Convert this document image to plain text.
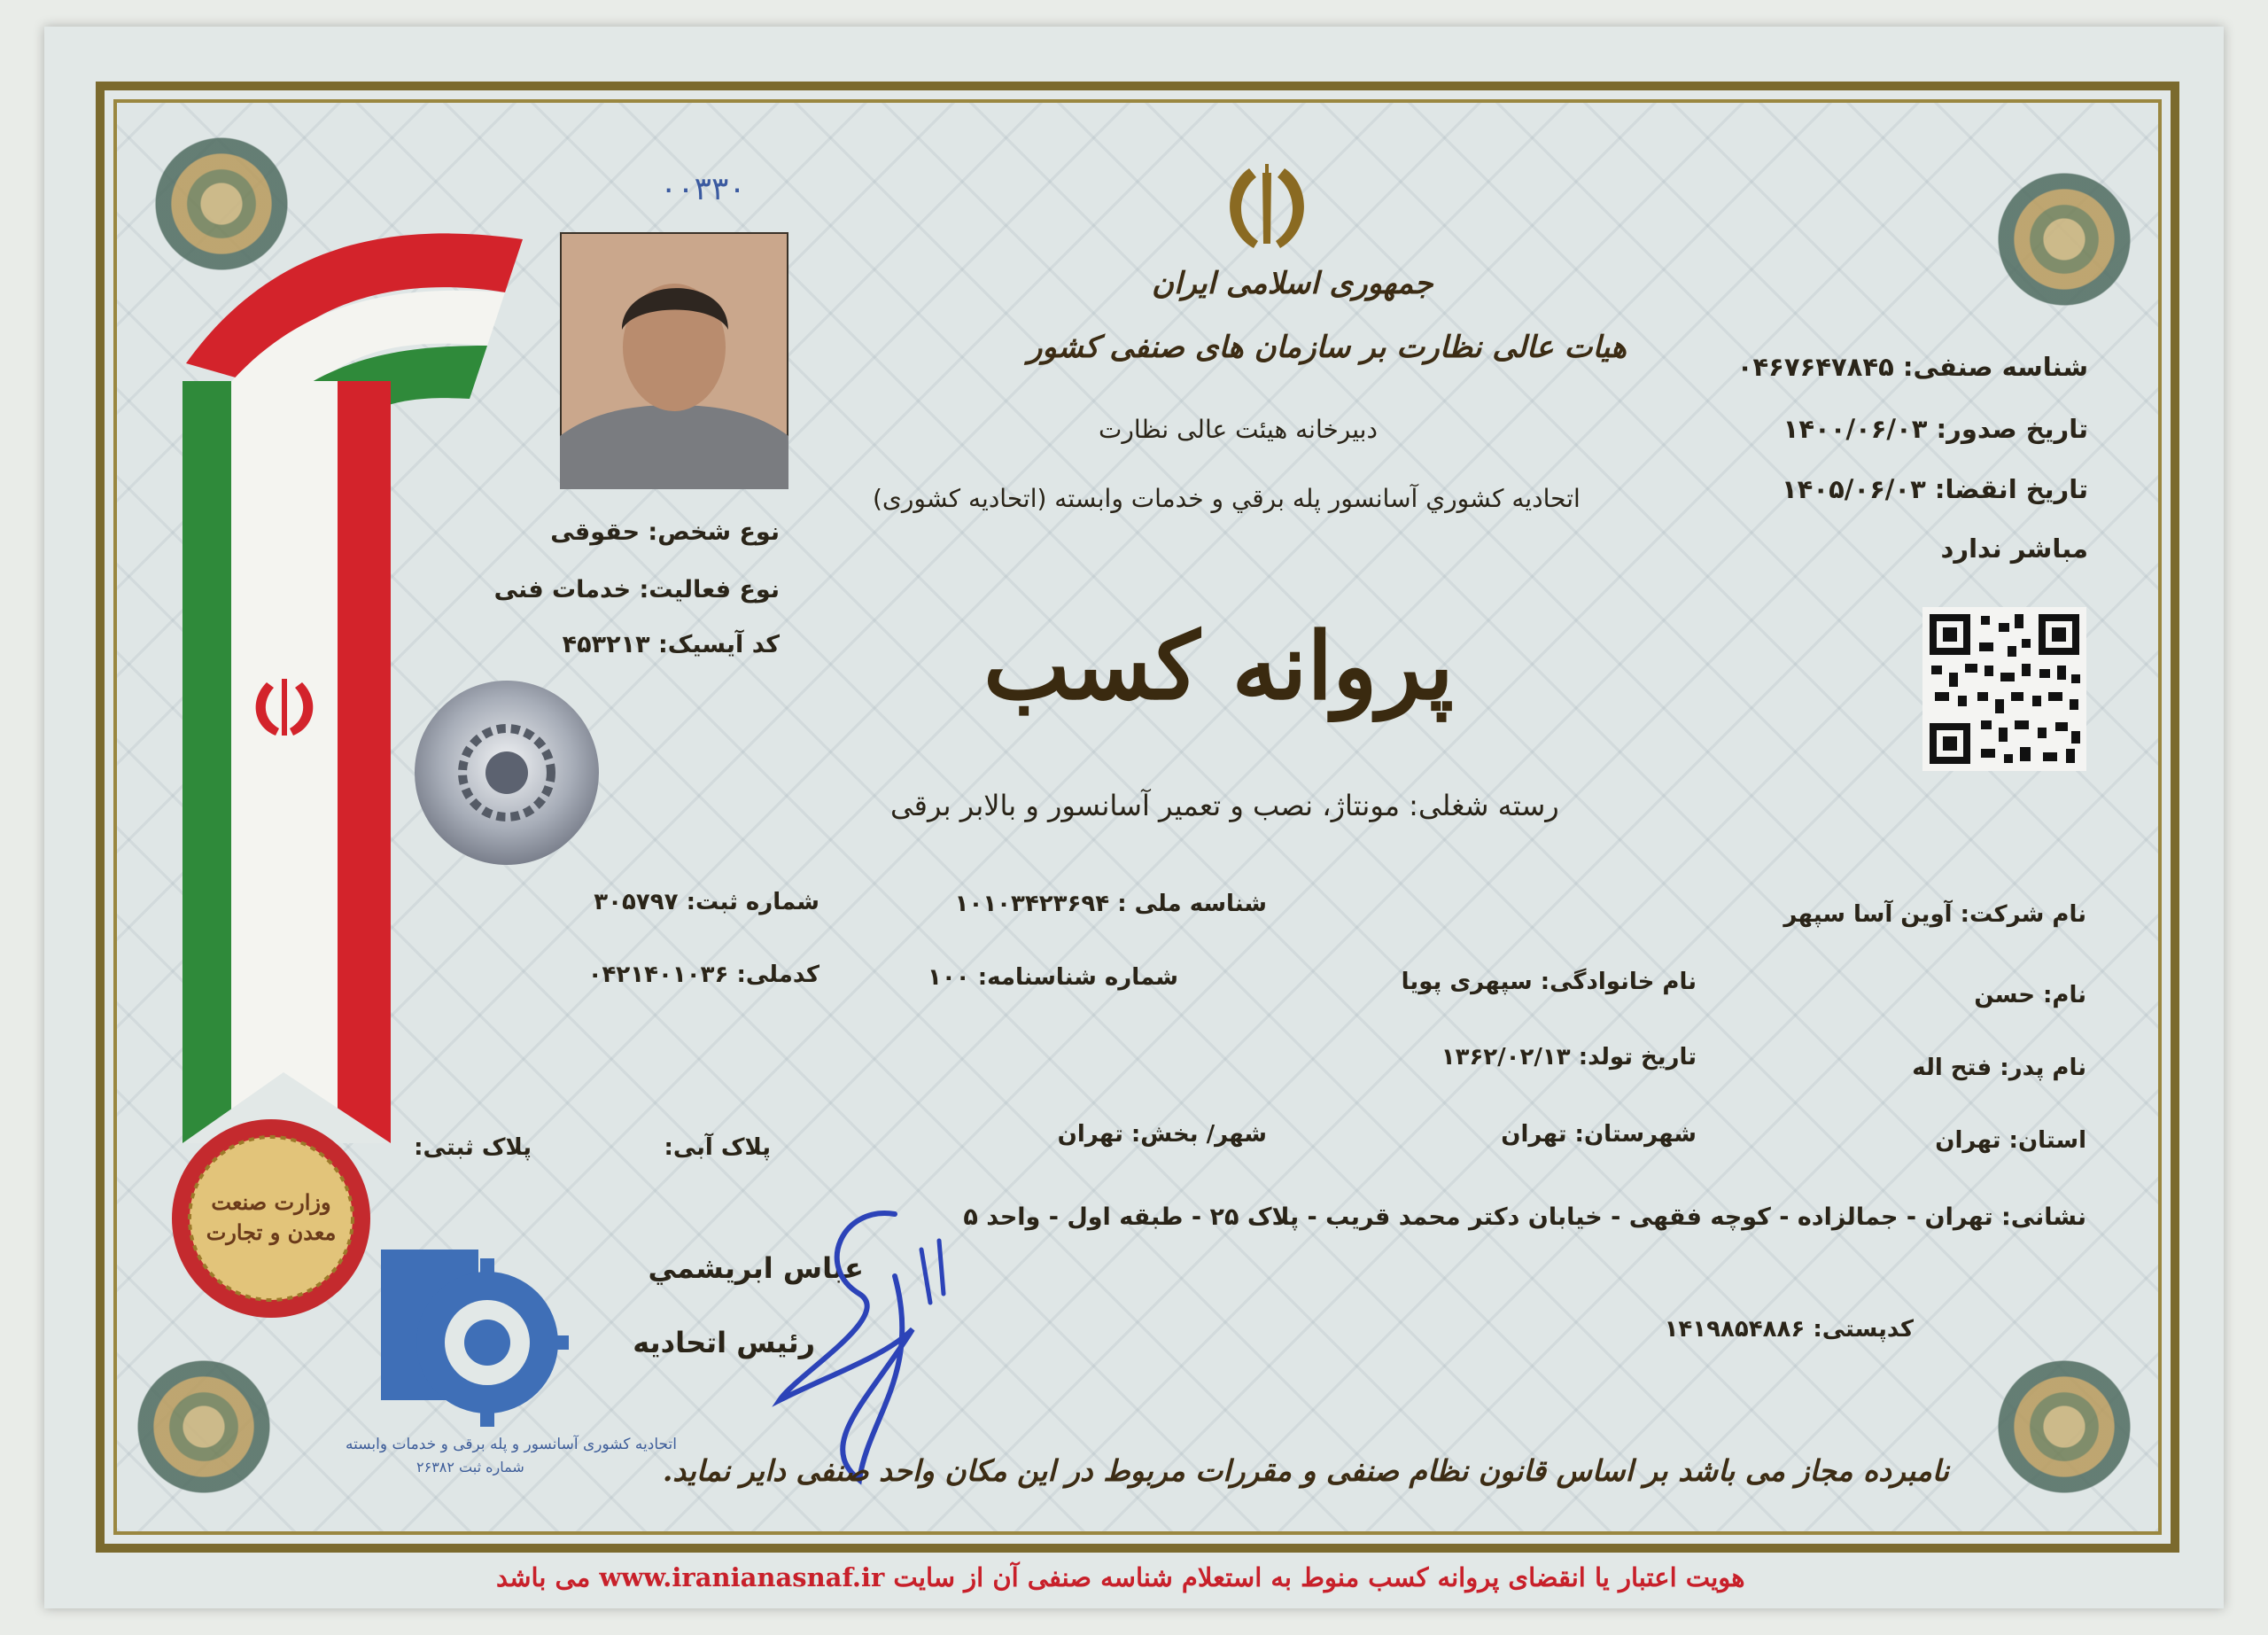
وزارت صنعت معدن و تجارت
اتحادیه کشوری آسانسور و پله برقی و خدمات وابسته
شماره ثبت ۲۶۳۸۲
۰۰۳۳۰
جمهوری اسلامی ایران
هیات عالی نظارت بر سازمان های صنفی کشور
دبیرخانه هیئت عالی نظارت
اتحادیه کشوري آسانسور پله برقي و خدمات وابسته (اتحادیه کشوری)
پروانه کسب
رسته شغلی: مونتاژ، نصب و تعمیر آسانسور و بالابر برقی
شناسه صنفی: ۰۴۶۷۶۴۷۸۴۵
تاریخ صدور: ۱۴۰۰/۰۶/۰۳
تاریخ انقضا: ۱۴۰۵/۰۶/۰۳
مباشر ندارد
نوع شخص: حقوقی
نوع فعالیت: خدمات فنی
کد آیسیک: ۴۵۳۲۱۳
نام شرکت: آوین آسا سپهر
شناسه ملی : ۱۰۱۰۳۴۲۳۶۹۴
شماره ثبت: ۳۰۵۷۹۷
نام: حسن
نام خانوادگی: سپهری پویا
شماره شناسنامه: ۱۰۰
کدملی: ۰۴۲۱۴۰۱۰۳۶
نام پدر: فتح اله
تاریخ تولد: ۱۳۶۲/۰۲/۱۳
استان: تهران
شهرستان: تهران
شهر/ بخش: تهران
پلاک آبی:
پلاک ثبتی:
نشانی: تهران - جمالزاده - کوچه فقهی - خیابان دکتر محمد قریب - پلاک ۲۵ - طبقه اول - واحد ۵
کدپستی: ۱۴۱۹۸۵۴۸۸۶
عباس ابریشمي
رئیس اتحادیه
نامبرده مجاز می باشد بر اساس قانون نظام صنفی و مقررات مربوط در این مکان واحد صنفی دایر نماید.
هویت اعتبار یا انقضای پروانه کسب منوط به استعلام شناسه صنفی آن از سایت www.iranianasnaf.ir می باشد
